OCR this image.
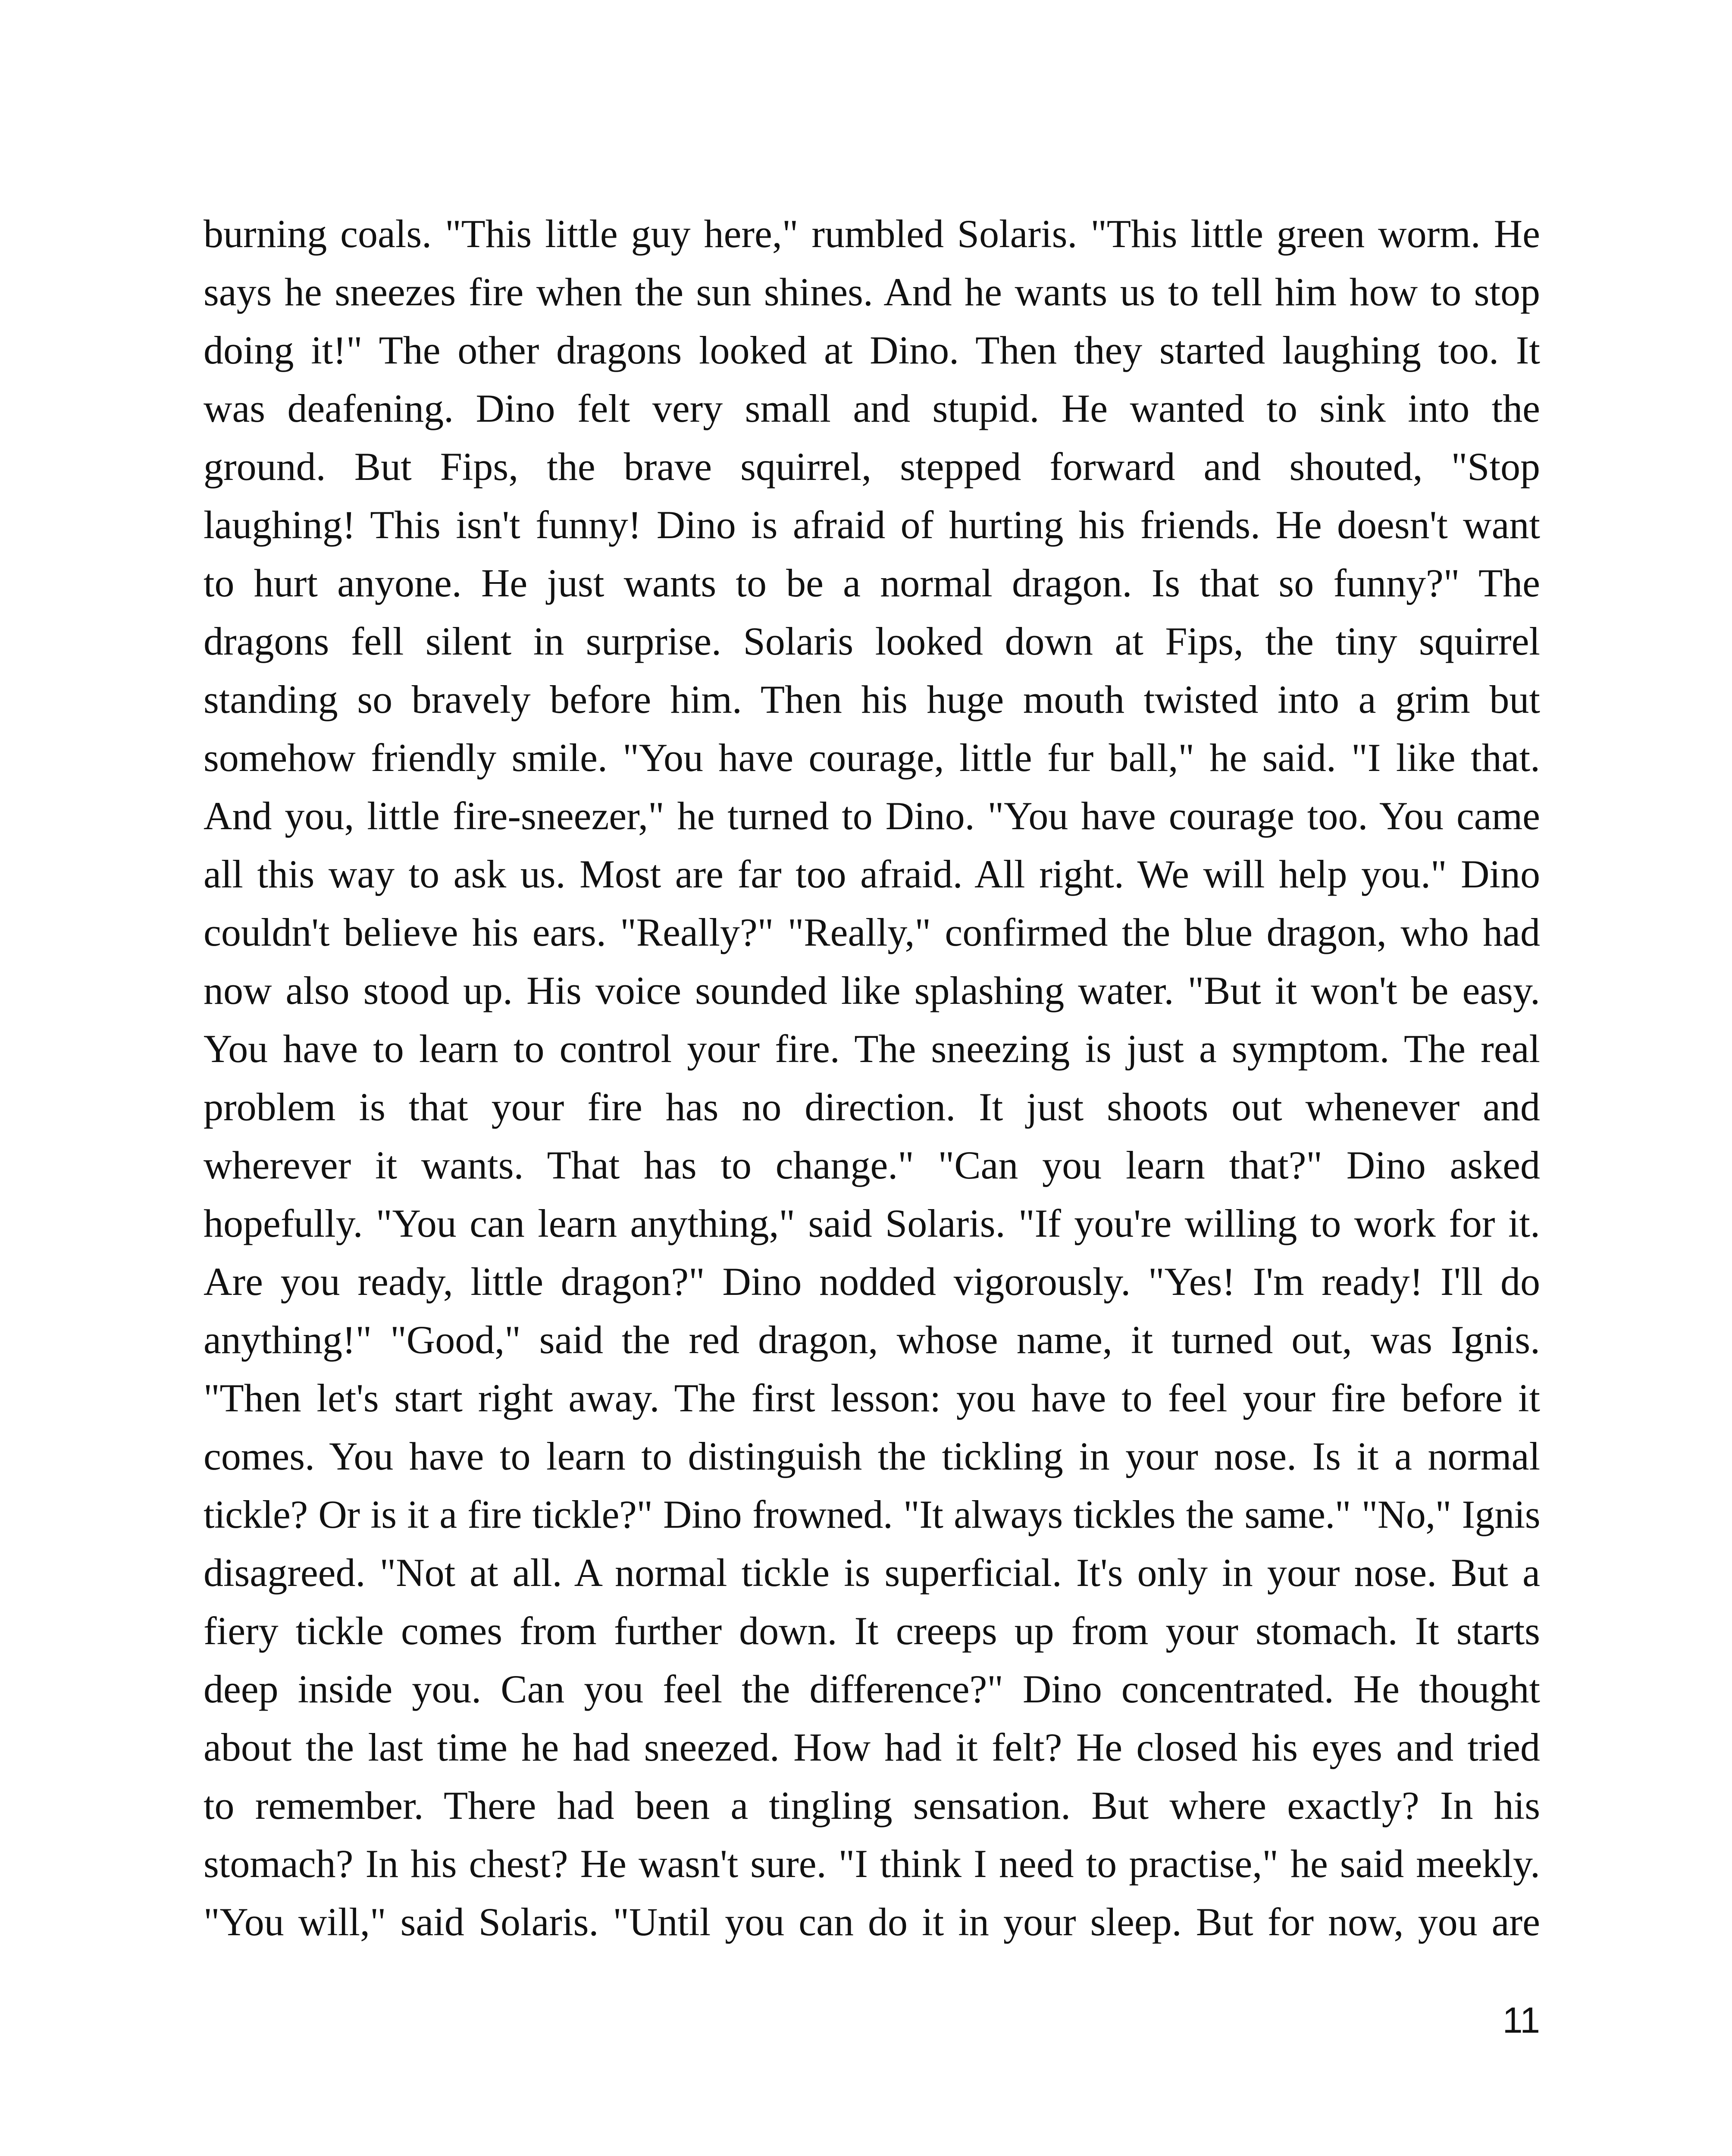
burning coals. "This little guy here," rumbled Solaris. "This little green worm. He
says he sneezes fire when the sun shines. And he wants us to tell him how to stop
doing it!" The other dragons looked at Dino. Then they started laughing too. It
was deafening. Dino felt very small and stupid. He wanted to sink into the
ground. But Fips, the brave squirrel, stepped forward and shouted, "Stop
laughing! This isn't funny! Dino is afraid of hurting his friends. He doesn't want
to hurt anyone. He just wants to be a normal dragon. Is that so funny?" The
dragons fell silent in surprise. Solaris looked down at Fips, the tiny squirrel
standing so bravely before him. Then his huge mouth twisted into a grim but
somehow friendly smile. "You have courage, little fur ball," he said. "I like that.
And you, little fire-sneezer," he turned to Dino. "You have courage too. You came
all this way to ask us. Most are far too afraid. All right. We will help you." Dino
couldn't believe his ears. "Really?" "Really," confirmed the blue dragon, who had
now also stood up. His voice sounded like splashing water. "But it won't be easy.
You have to learn to control your fire. The sneezing is just a symptom. The real
problem is that your fire has no direction. It just shoots out whenever and
wherever it wants. That has to change." "Can you learn that?" Dino asked
hopefully. "You can learn anything," said Solaris. "If you're willing to work for it.
Are you ready, little dragon?" Dino nodded vigorously. "Yes! I'm ready! I'll do
anything!" "Good," said the red dragon, whose name, it turned out, was Ignis.
"Then let's start right away. The first lesson: you have to feel your fire before it
comes. You have to learn to distinguish the tickling in your nose. Is it a normal
tickle? Or is it a fire tickle?" Dino frowned. "It always tickles the same." "No," Ignis
disagreed. "Not at all. A normal tickle is superficial. It's only in your nose. But a
fiery tickle comes from further down. It creeps up from your stomach. It starts
deep inside you. Can you feel the difference?" Dino concentrated. He thought
about the last time he had sneezed. How had it felt? He closed his eyes and tried
to remember. There had been a tingling sensation. But where exactly? In his
stomach? In his chest? He wasn't sure. "I think I need to practise," he said meekly.
"You will," said Solaris. "Until you can do it in your sleep. But for now, you are
11
